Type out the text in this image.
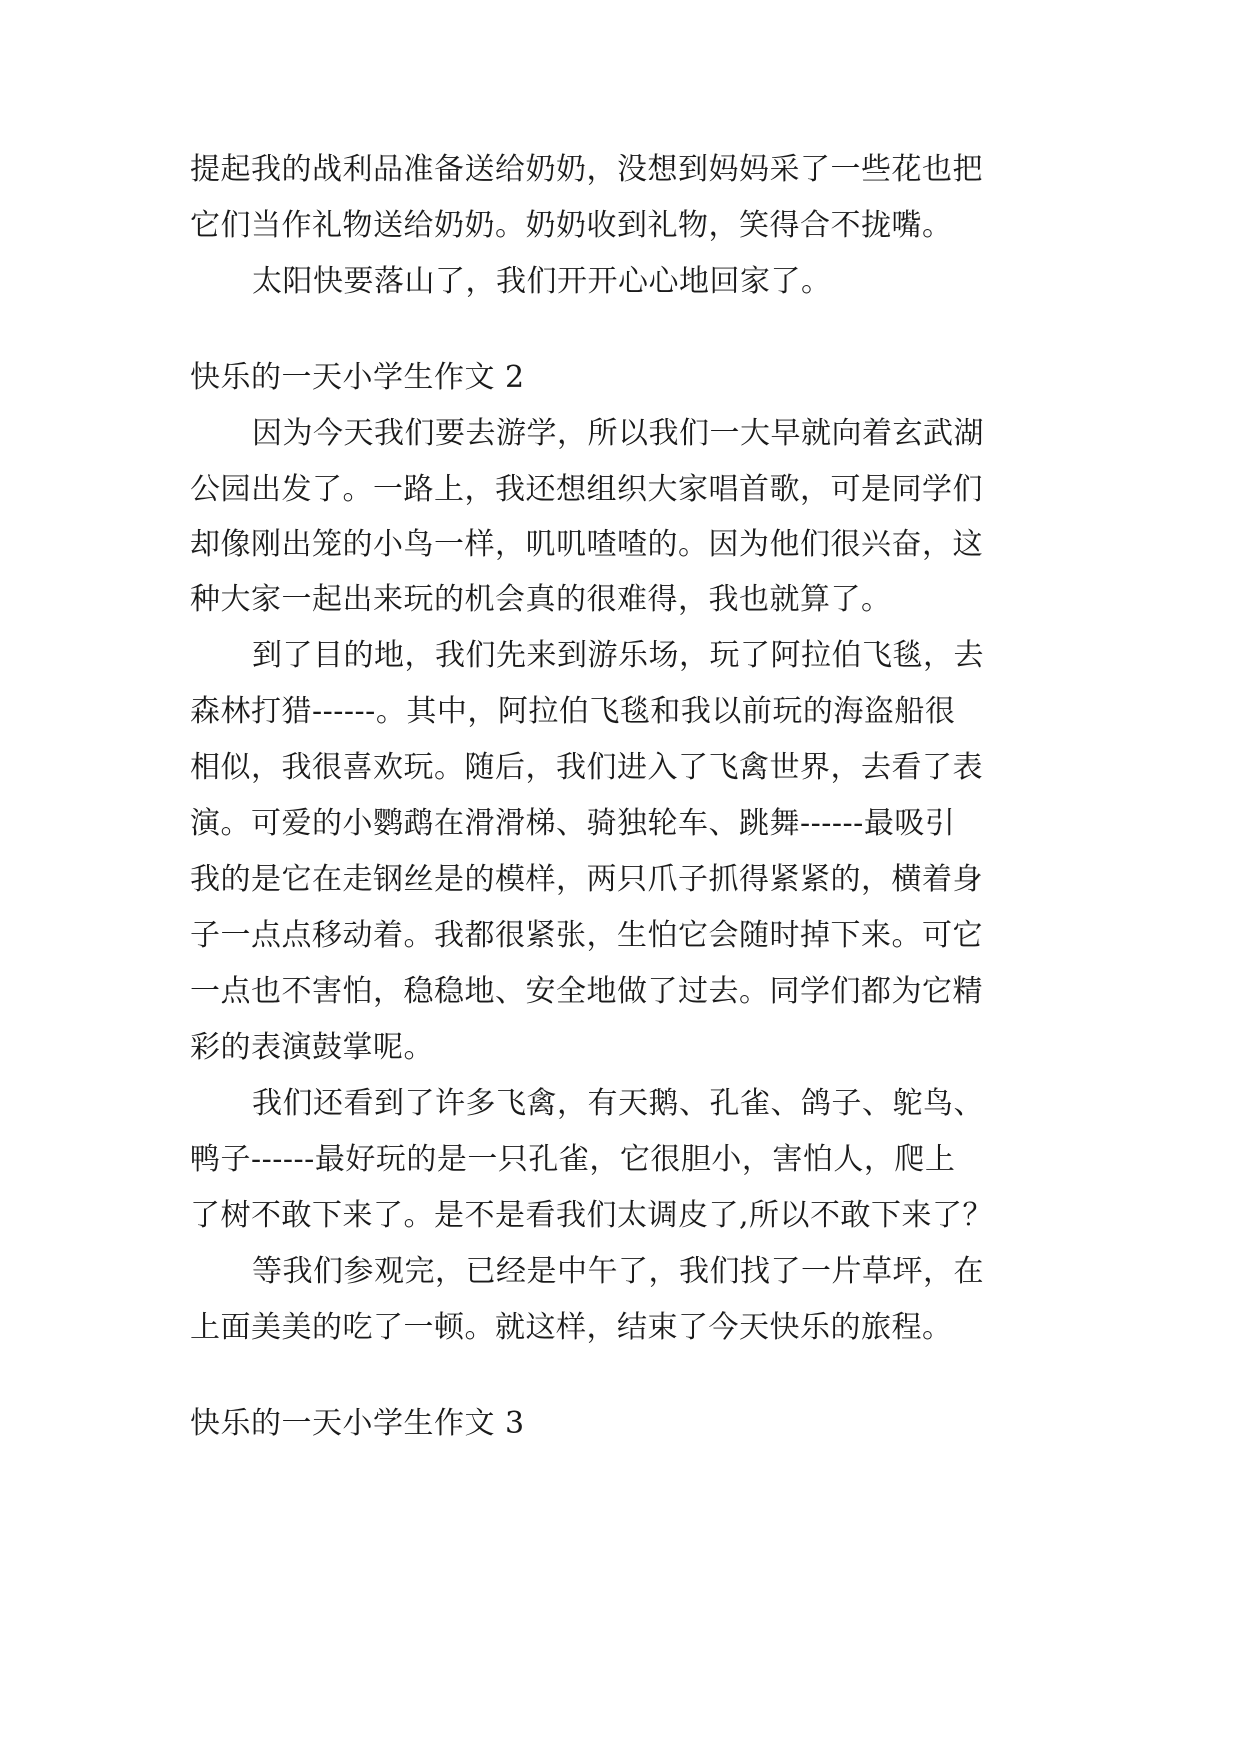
提起我的战利品准备送给奶奶，没想到妈妈采了一些花也把
它们当作礼物送给奶奶。奶奶收到礼物，笑得合不拢嘴。
太阳快要落山了，我们开开心心地回家了。
快乐的一天小学生作文 2
因为今天我们要去游学，所以我们一大早就向着玄武湖
公园出发了。一路上，我还想组织大家唱首歌，可是同学们
却像刚出笼的小鸟一样，叽叽喳喳的。因为他们很兴奋，这
种大家一起出来玩的机会真的很难得，我也就算了。
到了目的地，我们先来到游乐场，玩了阿拉伯飞毯，去
森林打猎------。其中，阿拉伯飞毯和我以前玩的海盗船很
相似，我很喜欢玩。随后，我们进入了飞禽世界，去看了表
演。可爱的小鹦鹉在滑滑梯、骑独轮车、跳舞------最吸引
我的是它在走钢丝是的模样，两只爪子抓得紧紧的，横着身
子一点点移动着。我都很紧张，生怕它会随时掉下来。可它
一点也不害怕，稳稳地、安全地做了过去。同学们都为它精
彩的表演鼓掌呢。
我们还看到了许多飞禽，有天鹅、孔雀、鸽子、鸵鸟、
鸭子------最好玩的是一只孔雀，它很胆小，害怕人，爬上
了树不敢下来了。是不是看我们太调皮了,所以不敢下来了？
等我们参观完，已经是中午了，我们找了一片草坪，在
上面美美的吃了一顿。就这样，结束了今天快乐的旅程。
快乐的一天小学生作文 3
